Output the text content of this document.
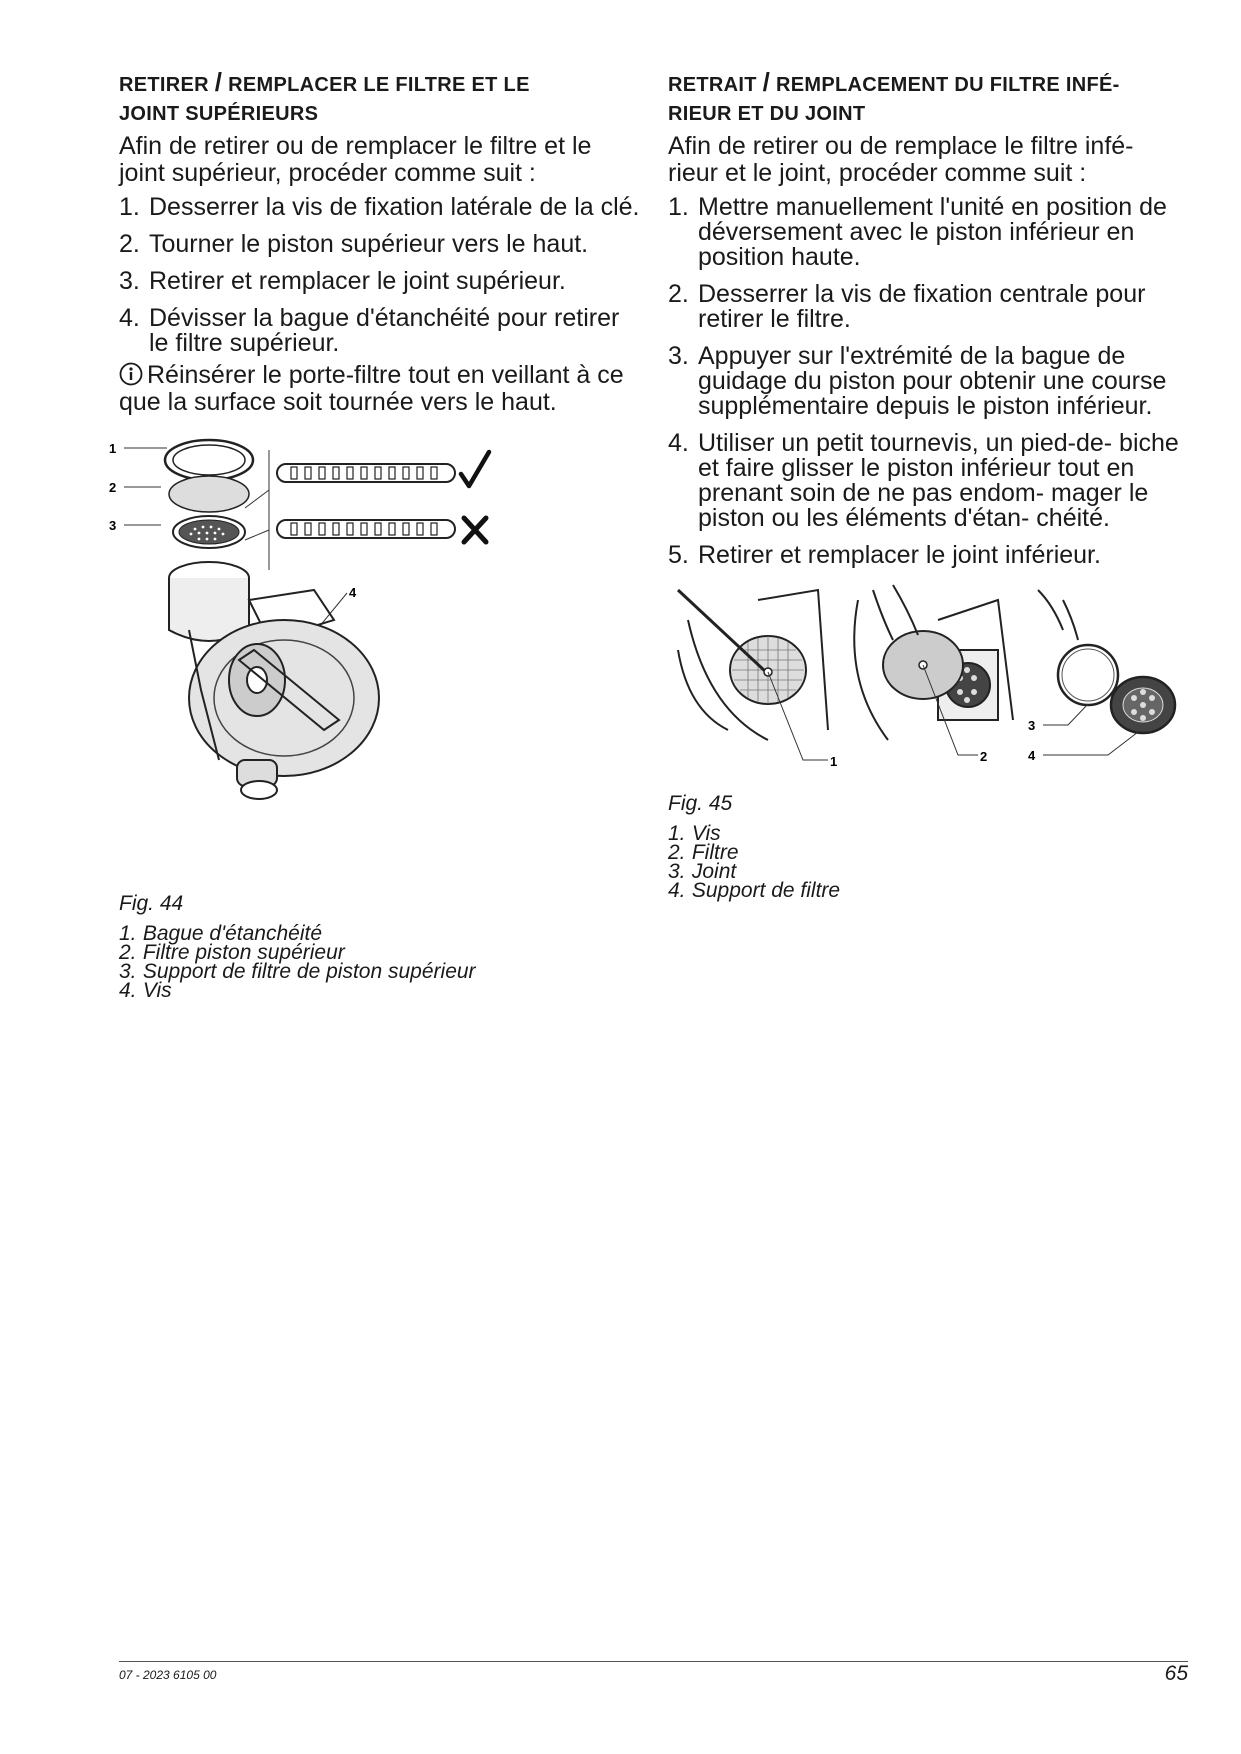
RETIRER / REMPLACER LE FILTRE ET LE
JOINT SUPÉRIEURS

Afin de retirer ou de remplacer le filtre et le joint supérieur, procéder comme suit :

1. Desserrer la vis de fixation latérale de la clé.
2. Tourner le piston supérieur vers le haut.
3. Retirer et remplacer le joint supérieur.
4. Dévisser la bague d'étanchéité pour retirer le filtre supérieur.

Réinsérer le porte-filtre tout en veillant à ce que la surface soit tournée vers le haut.

1
2
3
4

Fig. 44

1. Bague d'étanchéité
2. Filtre piston supérieur
3. Support de filtre de piston supérieur
4. Vis
RETRAIT / REMPLACEMENT DU FILTRE INFÉ-
RIEUR ET DU JOINT

Afin de retirer ou de remplace le filtre infé- rieur et le joint, procéder comme suit :

1. Mettre manuellement l'unité en position de déversement avec le piston inférieur en position haute.
2. Desserrer la vis de fixation centrale pour retirer le filtre.
3. Appuyer sur l'extrémité de la bague de guidage du piston pour obtenir une course supplémentaire depuis le piston inférieur.
4. Utiliser un petit tournevis, un pied-de- biche et faire glisser le piston inférieur tout en prenant soin de ne pas endom- mager le piston ou les éléments d'étan- chéité.
5. Retirer et remplacer le joint inférieur.
1	2
3
4

Fig. 45

1. Vis
2. Filtre
3. Joint
4. Support de filtre
07 - 2023 6105 00	65
